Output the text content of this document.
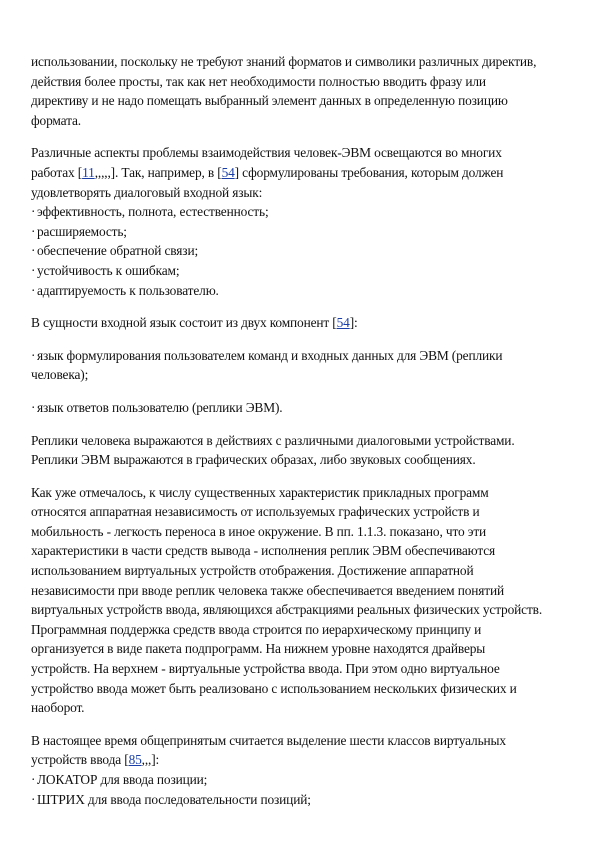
использовании, поскольку не требуют знаний форматов и символики различных директив,
действия более просты, так как нет необходимости полностью вводить фразу или
директиву и не надо помещать выбранный элемент данных в определенную позицию
формата.

Различные аспекты проблемы взаимодействия человек-ЭВМ освещаются во многих
работах [11,,,,,]. Так, например, в [54] сформулированы требования, которым должен
удовлетворять диалоговый входной язык:
· эффективность, полнота, естественность;
· расширяемость;
· обеспечение обратной связи;
· устойчивость к ошибкам;
· адаптируемость к пользователю.

В сущности входной язык состоит из двух компонент [54]:

· язык формулирования пользователем команд и входных данных для ЭВМ (реплики
человека);

· язык ответов пользователю (реплики ЭВМ).

Реплики человека выражаются в действиях с различными диалоговыми устройствами.
Реплики ЭВМ выражаются в графических образах, либо звуковых сообщениях.

Как уже отмечалось, к числу существенных характеристик прикладных программ
относятся аппаратная независимость от используемых графических устройств и
мобильность - легкость переноса в иное окружение. В пп. 1.1.3. показано, что эти
характеристики в части средств вывода - исполнения реплик ЭВМ обеспечиваются
использованием виртуальных устройств отображения. Достижение аппаратной
независимости при вводе реплик человека также обеспечивается введением понятий
виртуальных устройств ввода, являющихся абстракциями реальных физических устройств.
Программная поддержка средств ввода строится по иерархическому принципу и
организуется в виде пакета подпрограмм. На нижнем уровне находятся драйверы
устройств. На верхнем - виртуальные устройства ввода. При этом одно виртуальное
устройство ввода может быть реализовано с использованием нескольких физических и
наоборот.

В настоящее время общепринятым считается выделение шести классов виртуальных
устройств ввода [85,,,]:
· ЛОКАТОР для ввода позиции;
· ШТРИХ для ввода последовательности позиций;
